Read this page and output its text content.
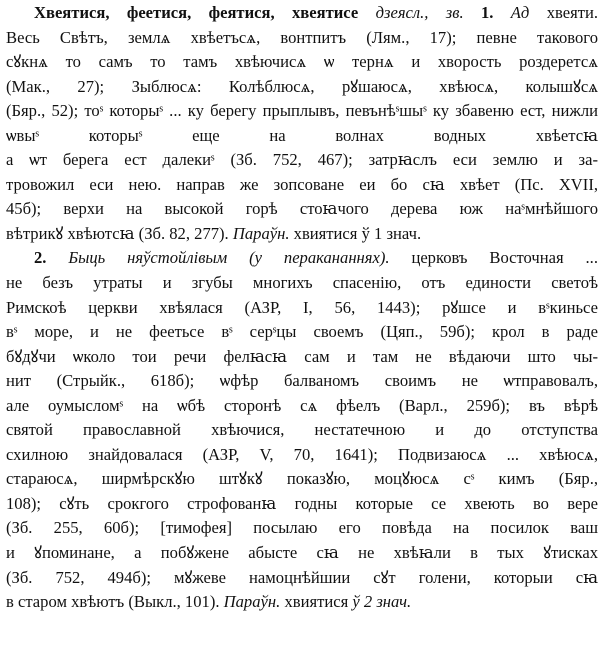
Хвеятися, феетися, феятися, хвеятисе дзеясл., зв. 1. Ад хвеяти.
Весь Свѣтъ, землѧ хвѣетъсѧ, вонтпитъ (Лям., 17); певне такового
сꙋкнѧ то самъ то тамъ хвѣючисѧ ѡ тернѧ и хворость роздеретсѧ
(Мак., 27); Зыблюсѧ: Колѣблюсѧ, рꙋшаюсѧ, хвѣюсѧ, колышꙋсѧ
(Бяр., 52); тоˢ которыˢ ... ку берегу прыплывъ, певънѣˢшыˢ ку збавеню ест, нижли ѡвыˢ которыˢ еще на волнах водных хвѣетсꙗ
а ѡт берега ест далекиˢ (Зб. 752, 467); затрꙗслъ еси землю и за-
тровожил еси нею. направ же зопсоване еи бо сꙗ хвѣет (Пс. XVII,
45б); верхи на высокой горѣ стоꙗчого дерева юж наˢмнѣйшого
вѣтрикꙋ хвѣютсꙗ (Зб. 82, 277). Параўн. хвиятися ў 1 знач.
2. Быць няўстойлівым (у перакананнях). церковъ Восточная ...
не безъ утраты и згубы многихъ спасенію, отъ единости светоѣ
Римскоѣ церкви хвѣялася (АЗР, I, 56, 1443); рꙋшсе и вˢкиньсе
вˢ море, и не феетьсе вˢ серˢцы своемъ (Цяп., 59б); крол в раде
бꙋдꙋчи ѡколо тои речи фелꙗсꙗ сам и там не вѣдаючи што чы-
нит (Стрыйк., 618б); ѡфѣр балваномъ своимъ не ѡтправовалъ,
але оумысломˢ на ѡбѣ сторонѣ сѧ фѣелъ (Варл., 259б); въ вѣрѣ
святой православной хвѣючися, нестатечною и до отступства
схилною знайдовалася (АЗР, V, 70, 1641); Подвизаюсѧ ... хвѣюсѧ,
стараюсѧ, ширмѣрскꙋю штꙋкꙋ показꙋю, моцꙋюсѧ сˢ кимъ (Бяр.,
108); сꙋть срокгого строфованꙗ годны которые се хвеють во вере
(Зб. 255, 60б); [тимофея] посылаю его повѣда на посилок ваш
и ꙋпоминане, а побꙋжене абысте сꙗ не хвѣꙗли в тых ꙋтисках
(Зб. 752, 494б); мꙋжеве намоцнѣйшии сꙋт голени, которыи сꙗ
в старом хвѣютъ (Выкл., 101). Параўн. хвиятися ў 2 знач.
